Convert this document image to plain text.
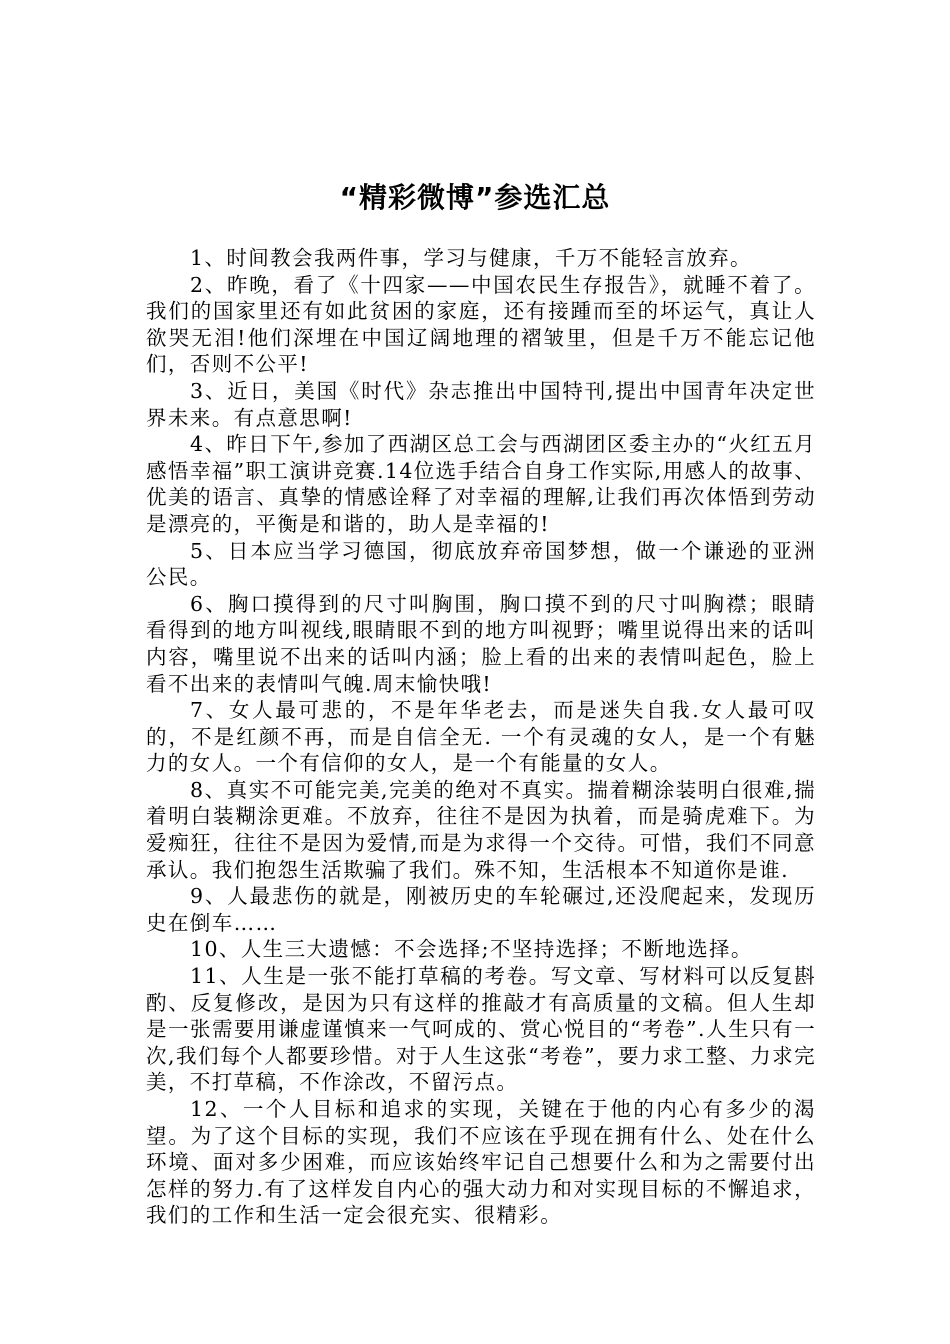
“精彩微博”参选汇总

1、时间教会我两件事，学习与健康，千万不能轻言放弃。

2、昨晚，看了《十四家——中国农民生存报告》，就睡不着了。我们的国家里还有如此贫困的家庭，还有接踵而至的坏运气，真让人欲哭无泪!他们深埋在中国辽阔地理的褶皱里，但是千万不能忘记他们，否则不公平!

3、近日，美国《时代》杂志推出中国特刊,提出中国青年决定世界未来。有点意思啊!

4、昨日下午,参加了西湖区总工会与西湖团区委主办的“火红五月 感悟幸福”职工演讲竞赛.14位选手结合自身工作实际,用感人的故事、优美的语言、真挚的情感诠释了对幸福的理解,让我们再次体悟到劳动是漂亮的，平衡是和谐的，助人是幸福的!

5、日本应当学习德国，彻底放弃帝国梦想，做一个谦逊的亚洲公民。

6、胸口摸得到的尺寸叫胸围，胸口摸不到的尺寸叫胸襟；眼睛看得到的地方叫视线,眼睛眼不到的地方叫视野；嘴里说得出来的话叫内容，嘴里说不出来的话叫内涵；脸上看的出来的表情叫起色，脸上看不出来的表情叫气魄.周末愉快哦!

7、女人最可悲的，不是年华老去，而是迷失自我.女人最可叹的，不是红颜不再，而是自信全无. 一个有灵魂的女人，是一个有魅力的女人。一个有信仰的女人，是一个有能量的女人。

8、真实不可能完美,完美的绝对不真实。揣着糊涂装明白很难,揣着明白装糊涂更难。不放弃，往往不是因为执着，而是骑虎难下。为爱痴狂，往往不是因为爱情,而是为求得一个交待。可惜，我们不同意承认。我们抱怨生活欺骗了我们。殊不知，生活根本不知道你是谁.

9、人最悲伤的就是，刚被历史的车轮碾过,还没爬起来，发现历史在倒车……

10、人生三大遗憾：不会选择;不坚持选择；不断地选择。

11、人生是一张不能打草稿的考卷。写文章、写材料可以反复斟酌、反复修改，是因为只有这样的推敲才有高质量的文稿。但人生却是一张需要用谦虚谨慎来一气呵成的、赏心悦目的“考卷”.人生只有一次,我们每个人都要珍惜。对于人生这张“考卷”，要力求工整、力求完美，不打草稿，不作涂改，不留污点。

12、一个人目标和追求的实现，关键在于他的内心有多少的渴望。为了这个目标的实现，我们不应该在乎现在拥有什么、处在什么环境、面对多少困难，而应该始终牢记自己想要什么和为之需要付出怎样的努力.有了这样发自内心的强大动力和对实现目标的不懈追求，我们的工作和生活一定会很充实、很精彩。
